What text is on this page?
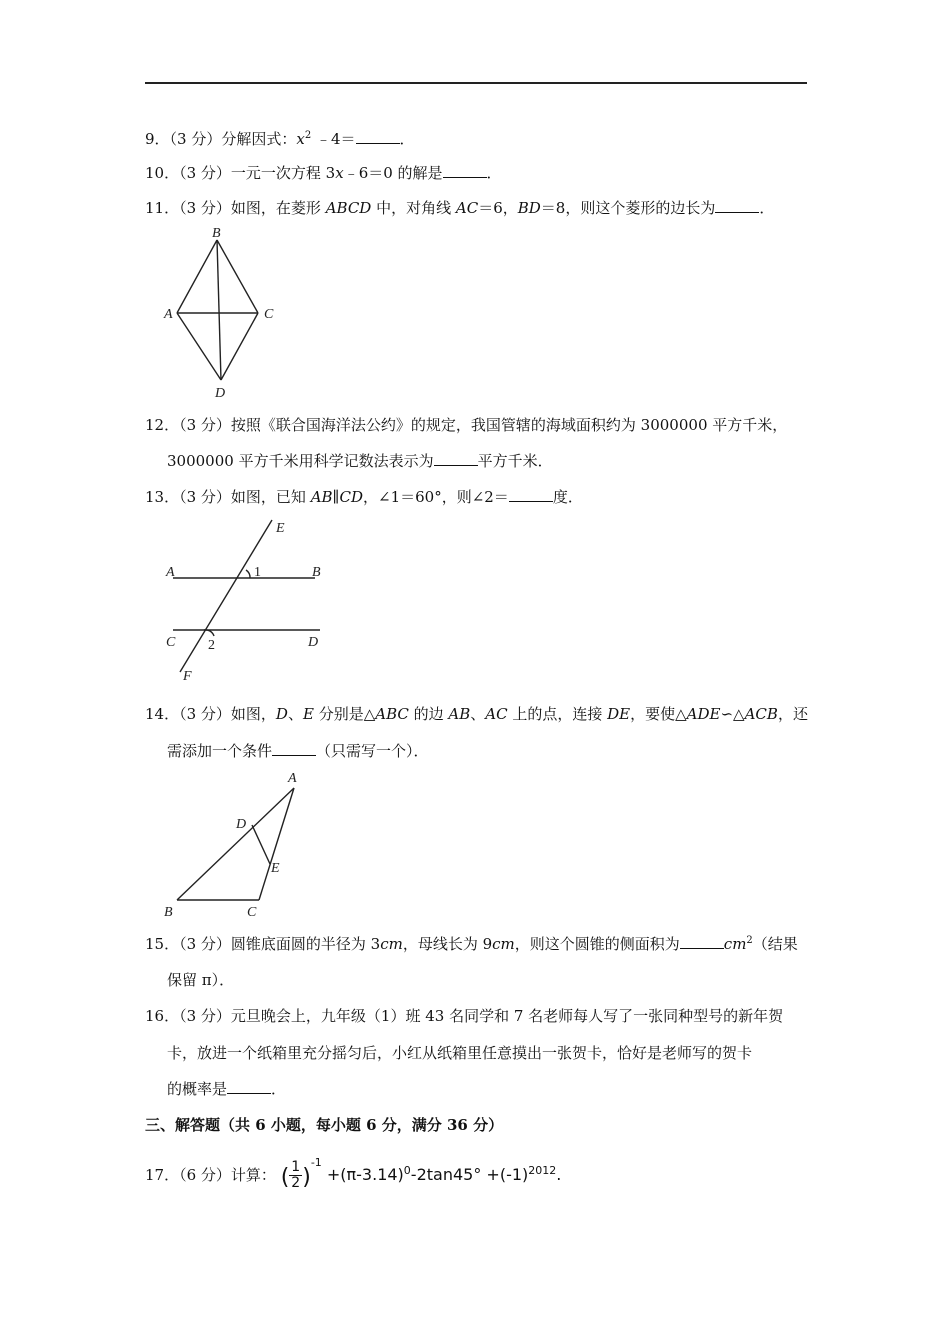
9．（3 分）分解因式：$x^2$ ﹣4＝	．
10．（3 分）一元一次方程 3x﹣6＝0 的解是	．
11．（3 分）如图，在菱形 ABCD 中，对角线 AC＝6，BD＝8，则这个菱形的边长为	．
B
A	C
D
12．（3 分）按照《联合国海洋法公约》的规定，我国管辖的海域面积约为 3000000 平方千米，
3000000 平方千米用科学记数法表示为	平方千米．
13．（3 分）如图，已知 AB∥CD，∠1＝60°，则∠2＝	度．
E
A	B
1
C	D
2
F
14．（3 分）如图，D、E 分别是△ABC 的边 AB、AC 上的点，连接 DE，要使△ADE∽△ACB，还
需添加一个条件	（只需写一个）．
A
D
E
B	C
15．（3 分）圆锥底面圆的半径为 3cm，母线长为 9cm，则这个圆锥的侧面积为	$cm^2$（结果
保留 π）．
16．（3 分）元旦晚会上，九年级（1）班 43 名同学和 7 名老师每人写了一张同种型号的新年贺
卡，放进一个纸箱里充分摇匀后，小红从纸箱里任意摸出一张贺卡，恰好是老师写的贺卡
的概率是	．
三、解答题（共 6 小题，每小题 6 分，满分 36 分）
17．（6 分）计算： ( $\frac{1}{2} )^{-1} +(\pi-3.14)^0-2\tan 45^\circ +(-1)^{2012}$.
